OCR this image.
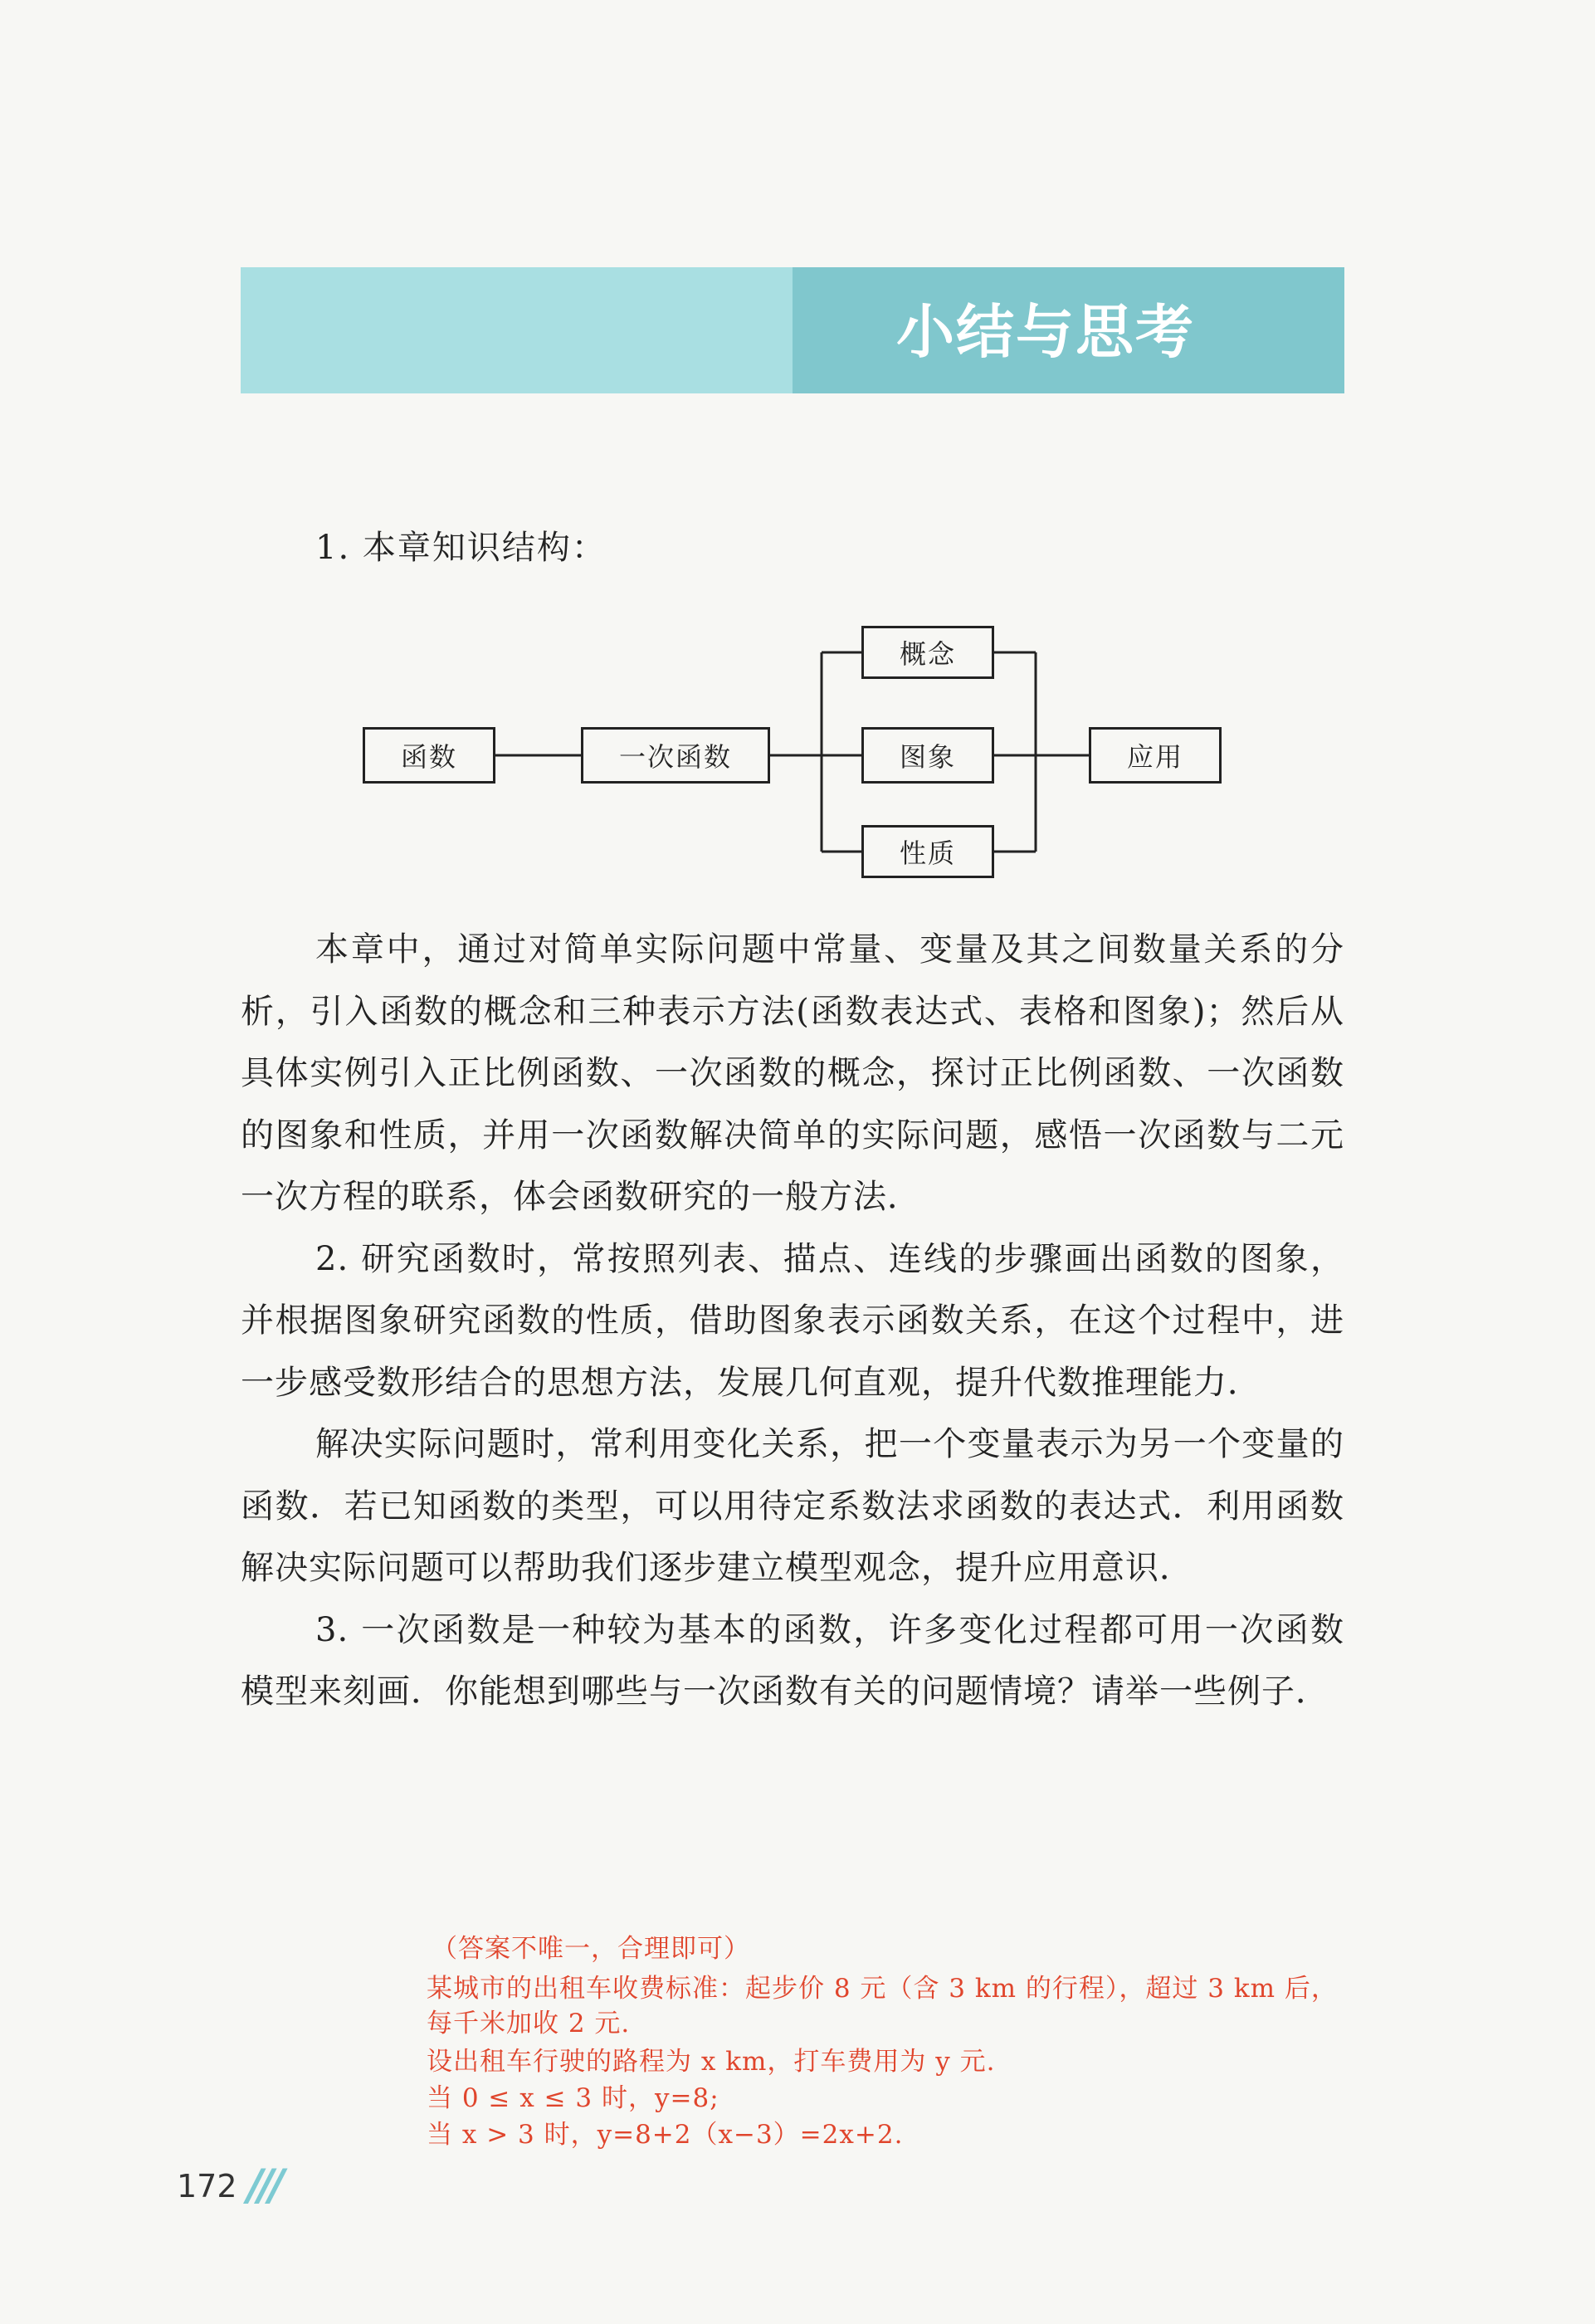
小结与思考
1. 本章知识结构：
函数	一次函数
概念
图象
性质
应用

本章中，通过对简单实际问题中常量、变量及其之间数量关系的分析，引入函数的概念和三种表示方法(函数表达式、表格和图象)；然后从具体实例引入正比例函数、一次函数的概念，探讨正比例函数、一次函数的图象和性质，并用一次函数解决简单的实际问题，感悟一次函数与二元一次方程的联系，体会函数研究的一般方法．

2. 研究函数时，常按照列表、描点、连线的步骤画出函数的图象，并根据图象研究函数的性质，借助图象表示函数关系，在这个过程中，进一步感受数形结合的思想方法，发展几何直观，提升代数推理能力．

解决实际问题时，常利用变化关系，把一个变量表示为另一个变量的函数．若已知函数的类型，可以用待定系数法求函数的表达式．利用函数解决实际问题可以帮助我们逐步建立模型观念，提升应用意识．

3. 一次函数是一种较为基本的函数，许多变化过程都可用一次函数模型来刻画．你能想到哪些与一次函数有关的问题情境？请举一些例子．

（答案不唯一，合理即可）
某城市的出租车收费标准：起步价 8 元（含 3 km 的行程），超过 3 km 后，
每千米加收 2 元.
设出租车行驶的路程为 x km，打车费用为 y 元.
当 0 ≤ x ≤ 3 时，y=8;
当 x > 3 时，y=8+2（x−3）=2x+2.
172 ///
